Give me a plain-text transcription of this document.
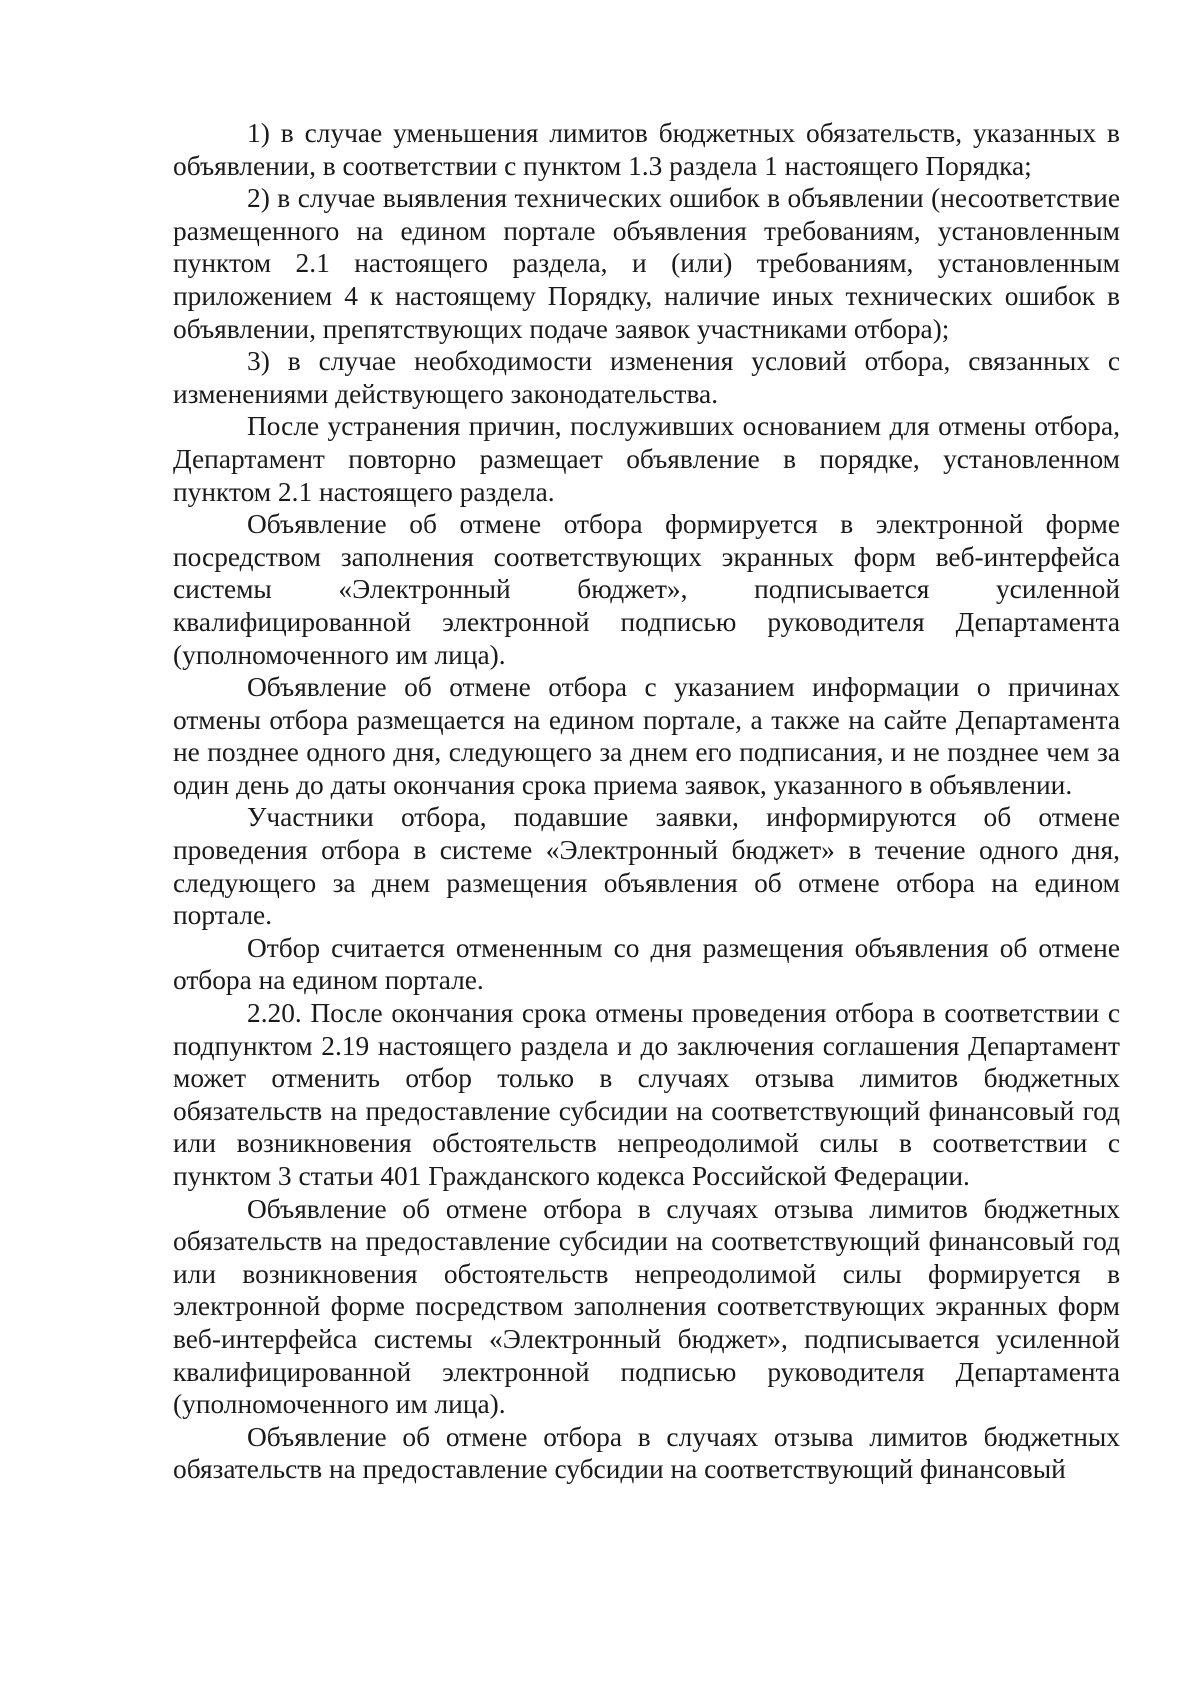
1) в случае уменьшения лимитов бюджетных обязательств, указанных в объявлении, в соответствии с пунктом 1.3 раздела 1 настоящего Порядка;

2) в случае выявления технических ошибок в объявлении (несоответствие размещенного на едином портале объявления требованиям, установленным пунктом 2.1 настоящего раздела, и (или) требованиям, установленным приложением 4 к настоящему Порядку, наличие иных технических ошибок в объявлении, препятствующих подаче заявок участниками отбора);

3) в случае необходимости изменения условий отбора, связанных с изменениями действующего законодательства.

После устранения причин, послуживших основанием для отмены отбора, Департамент повторно размещает объявление в порядке, установленном пунктом 2.1 настоящего раздела.

Объявление об отмене отбора формируется в электронной форме посредством заполнения соответствующих экранных форм веб-интерфейса системы «Электронный бюджет», подписывается усиленной квалифицированной электронной подписью руководителя Департамента (уполномоченного им лица).

Объявление об отмене отбора с указанием информации о причинах отмены отбора размещается на едином портале, а также на сайте Департамента не позднее одного дня, следующего за днем его подписания, и не позднее чем за один день до даты окончания срока приема заявок, указанного в объявлении.

Участники отбора, подавшие заявки, информируются об отмене проведения отбора в системе «Электронный бюджет» в течение одного дня, следующего за днем размещения объявления об отмене отбора на едином портале.

Отбор считается отмененным со дня размещения объявления об отмене отбора на едином портале.

2.20. После окончания срока отмены проведения отбора в соответствии с подпунктом 2.19 настоящего раздела и до заключения соглашения Департамент может отменить отбор только в случаях отзыва лимитов бюджетных обязательств на предоставление субсидии на соответствующий финансовый год или возникновения обстоятельств непреодолимой силы в соответствии с пунктом 3 статьи 401 Гражданского кодекса Российской Федерации.

Объявление об отмене отбора в случаях отзыва лимитов бюджетных обязательств на предоставление субсидии на соответствующий финансовый год или возникновения обстоятельств непреодолимой силы формируется в электронной форме посредством заполнения соответствующих экранных форм веб-интерфейса системы «Электронный бюджет», подписывается усиленной квалифицированной электронной подписью руководителя Департамента (уполномоченного им лица).

Объявление об отмене отбора в случаях отзыва лимитов бюджетных обязательств на предоставление субсидии на соответствующий финансовый
